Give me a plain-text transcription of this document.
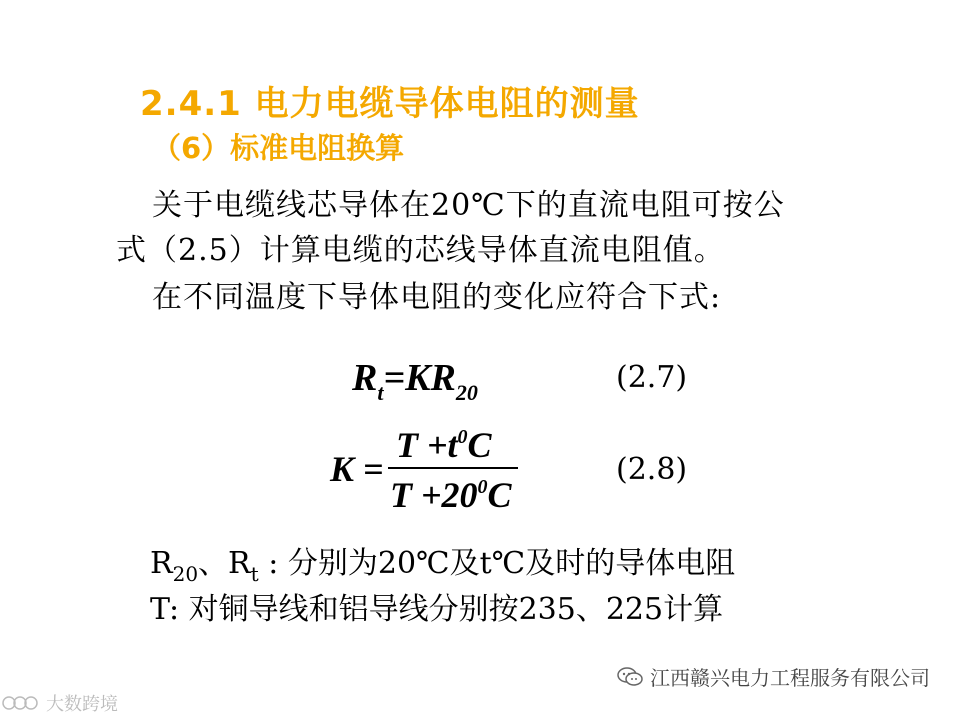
2.4.1 电力电缆导体电阻的测量
（6）标准电阻换算
关于电缆线芯导体在20℃下的直流电阻可按公
式（2.5）计算电缆的芯线导体直流电阻值。
在不同温度下导体电阻的变化应符合下式:
$R_t=KR_{20}$	(2.7)
K =
$T +t^0C$
$T +20^0C$
(2.8)
$R_{20}$、$R_t$ : 分别为20℃及t℃及时的导体电阻
T: 对铜导线和铝导线分别按235、225计算
江西赣兴电力工程服务有限公司
大数跨境
